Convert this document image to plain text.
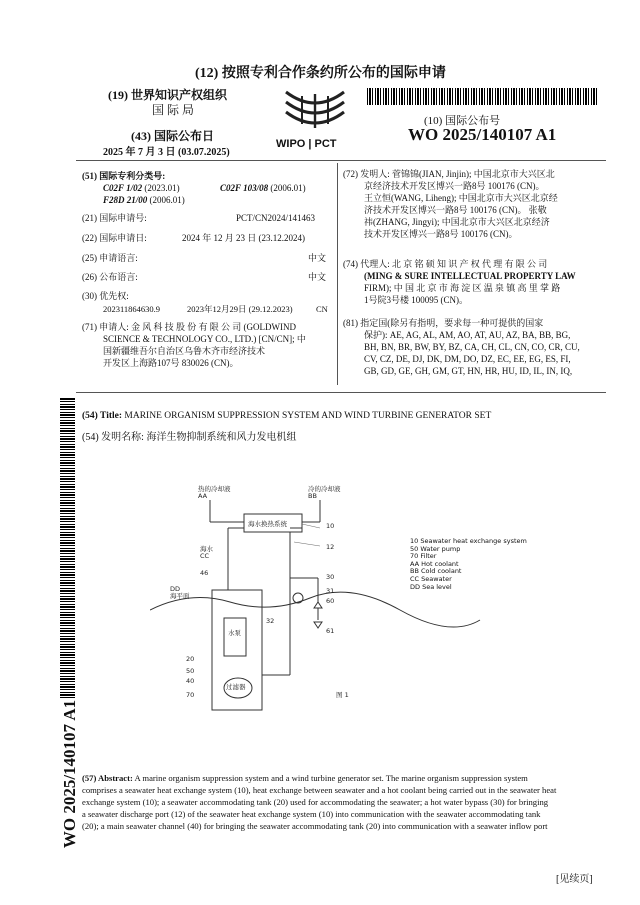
(12) 按照专利合作条约所公布的国际申请
(19) 世界知识产权组织
国 际 局
(43) 国际公布日
2025 年 7 月 3 日 (03.07.2025)
WIPO | PCT
(10) 国际公布号
WO 2025/140107 A1
(51) 国际专利分类号:
C02F 1/02 (2023.01)	C02F 103/08 (2006.01)
F28D 21/00 (2006.01)
(21) 国际申请号:	PCT/CN2024/141463
(22) 国际申请日:	2024 年 12 月 23 日 (23.12.2024)
(25) 申请语言:	中文
(26) 公布语言:	中文
(30) 优先权:
202311864630.9	2023年12月29日 (29.12.2023)	CN
(71) 申请人: 金 风 科 技 股 份 有 限 公 司 (GOLDWIND
SCIENCE & TECHNOLOGY CO., LTD.) [CN/CN]; 中
国新疆维吾尔自治区乌鲁木齐市经济技术
开发区上海路107号 830026 (CN)。
(72) 发明人: 菅锦锦(JIAN, Jinjin); 中国北京市大兴区北
京经济技术开发区博兴一路8号 100176 (CN)。
王立恒(WANG, Liheng); 中国北京市大兴区北京经
济技术开发区博兴一路8号 100176 (CN)。 张敬
祎(ZHANG, Jingyi); 中国北京市大兴区北京经济
技术开发区博兴一路8号 100176 (CN)。
(74) 代理人: 北 京 铭 硕 知 识 产 权 代 理 有 限 公 司
(MING & SURE INTELLECTUAL PROPERTY LAW
FIRM); 中 国 北 京 市 海 淀 区 温 泉 镇 高 里 掌 路
1号院3号楼 100095 (CN)。
(81) 指定国(除另有指明，要求每一种可提供的国家
保护): AE, AG, AL, AM, AO, AT, AU, AZ, BA, BB, BG,
BH, BN, BR, BW, BY, BZ, CA, CH, CL, CN, CO, CR, CU,
CV, CZ, DE, DJ, DK, DM, DO, DZ, EC, EE, EG, ES, FI,
GB, GD, GE, GH, GM, GT, HN, HR, HU, ID, IL, IN, IQ,
WO 2025/140107 A1
(54) Title: MARINE ORGANISM SUPPRESSION SYSTEM AND WIND TURBINE GENERATOR SET
(54) 发明名称: 海洋生物抑制系统和风力发电机组
热的冷却液
AA
冷的冷却液
BB
海水换热系统
海水
CC
DD
海平面
水泵
过滤器
图 1
10
12
46	30
31
60
32
61
20
50
40
70
10 Seawater heat exchange system
50 Water pump
70 Filter
AA Hot coolant
BB Cold coolant
CC Seawater
DD Sea level
(57) Abstract: A marine organism suppression system and a wind turbine generator set. The marine organism suppression system
comprises a seawater heat exchange system (10), heat exchange between seawater and a hot coolant being carried out in the seawater heat
exchange system (10); a seawater accommodating tank (20) used for accommodating the seawater; a hot water bypass (30) for bringing
a seawater discharge port (12) of the seawater heat exchange system (10) into communication with the seawater accommodating tank
(20); a main seawater channel (40) for bringing the seawater accommodating tank (20) into communication with a seawater inflow port
[见续页]
